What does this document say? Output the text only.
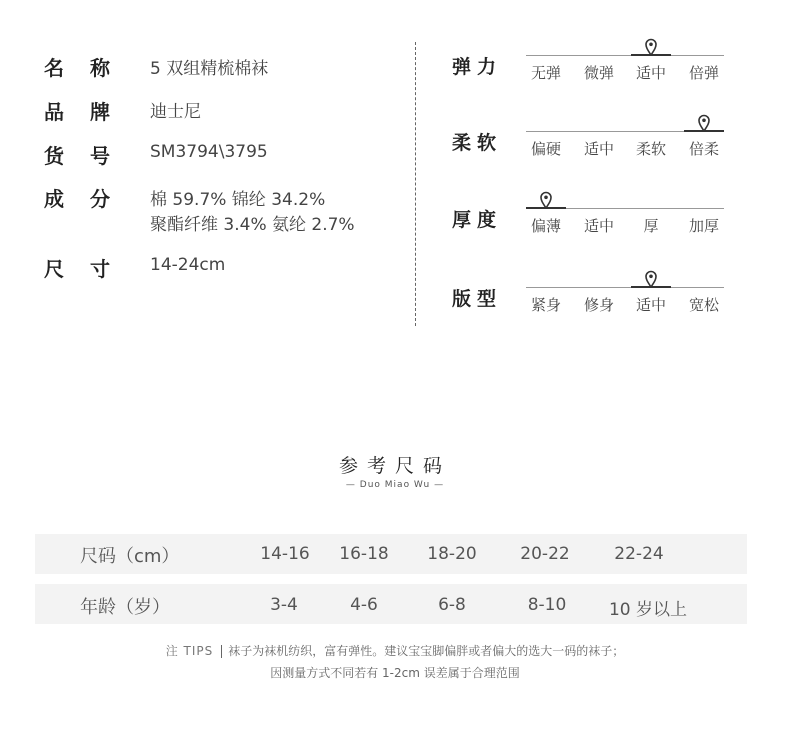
名称 5 双组精梳棉袜
品牌 迪士尼
货号 SM3794\3795
成分 棉 59.7% 锦纶 34.2%
聚酯纤维 3.4% 氨纶 2.7%
尺寸 14-24cm
弹力 无弹 微弹 适中 倍弹
柔软 偏硬 适中 柔软 倍柔
厚度 偏薄 适中 厚 加厚
版型 紧身 修身 适中 宽松
参考尺码
— Duo Miao Wu —
尺码（cm）	14-16 16-18 18-20	20-22	22-24
年龄（岁）	3-4	4-6	6-8	8-10	10 岁以上
注 TIPS 袜子为袜机纺织，富有弹性。建议宝宝脚偏胖或者偏大的选大一码的袜子；
因测量方式不同若有 1-2cm 误差属于合理范围
